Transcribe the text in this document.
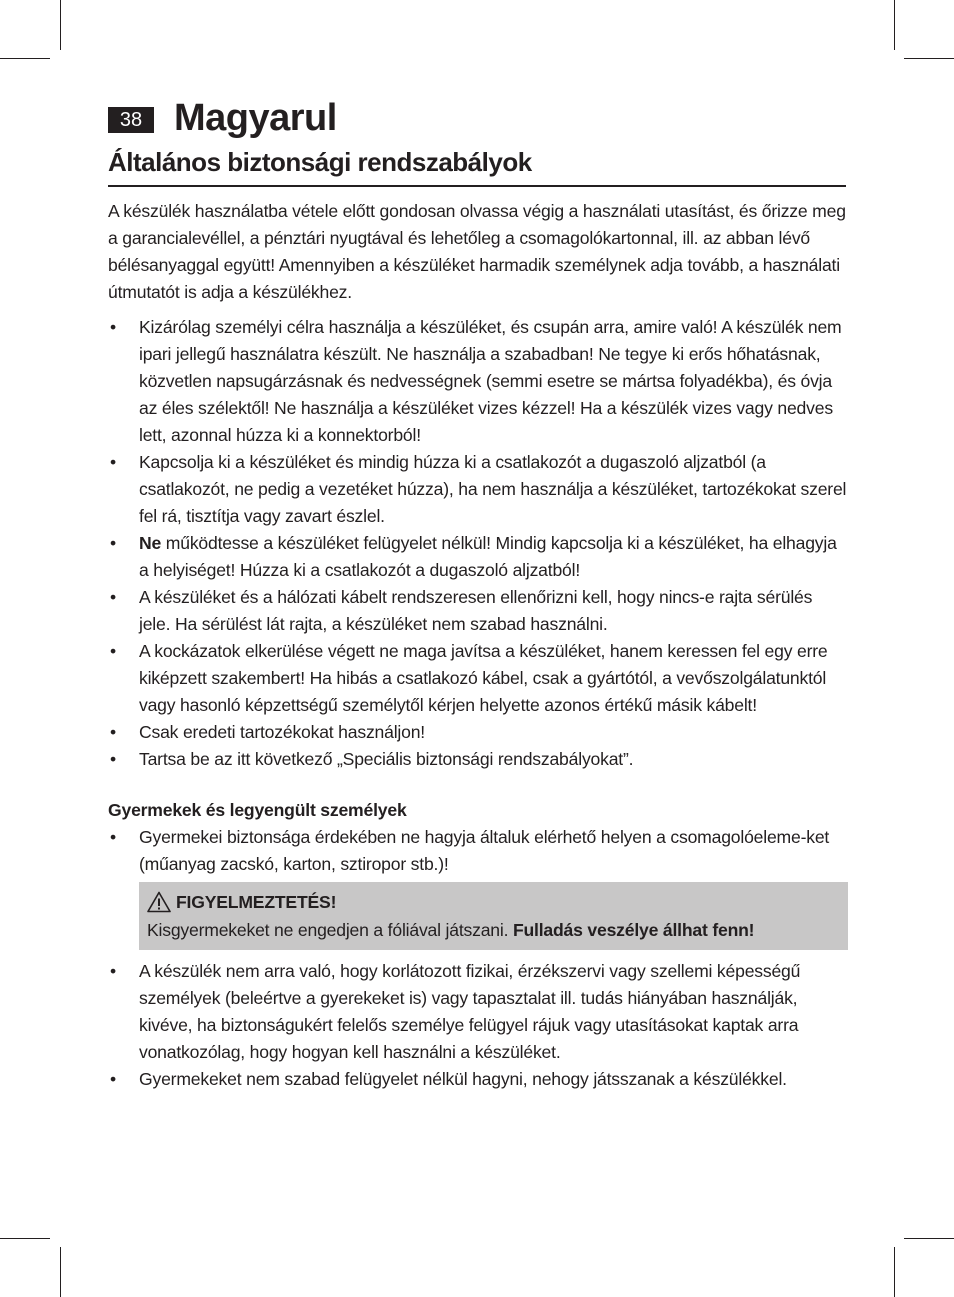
38 Magyarul
Általános biztonsági rendszabályok

A készülék használatba vétele előtt gondosan olvassa végig a használati utasítást, és őrizze meg a garancialevéllel, a pénztári nyugtával és lehetőleg a csomagolókartonnal, ill. az abban lévő bélésanyaggal együtt! Amennyiben a készüléket harmadik személynek adja tovább, a használati útmutatót is adja a készülékhez.

• Kizárólag személyi célra használja a készüléket, és csupán arra, amire való! A készülék nem ipari jellegű használatra készült. Ne használja a szabadban! Ne tegye ki erős hőhatásnak, közvetlen napsugárzásnak és nedvességnek (semmi esetre se mártsa folyadékba), és óvja az éles szélektől! Ne használja a készüléket vizes kézzel! Ha a készülék vizes vagy nedves lett, azonnal húzza ki a konnektorból!
• Kapcsolja ki a készüléket és mindig húzza ki a csatlakozót a dugaszoló aljzatból (a csatlakozót, ne pedig a vezetéket húzza), ha nem használja a készüléket, tartozékokat szerel fel rá, tisztítja vagy zavart észlel.
• Ne működtesse a készüléket felügyelet nélkül! Mindig kapcsolja ki a készüléket, ha elhagyja a helyiséget! Húzza ki a csatlakozót a dugaszoló aljzatból!
• A készüléket és a hálózati kábelt rendszeresen ellenőrizni kell, hogy nincs-e rajta sérülés jele. Ha sérülést lát rajta, a készüléket nem szabad használni.
• A kockázatok elkerülése végett ne maga javítsa a készüléket, hanem keressen fel egy erre kiképzett szakembert! Ha hibás a csatlakozó kábel, csak a gyártótól, a vevőszolgálatunktól vagy hasonló képzettségű személytől kérjen helyette azonos értékű másik kábelt!
• Csak eredeti tartozékokat használjon!
• Tartsa be az itt következő „Speciális biztonsági rendszabályokat”.
Gyermekek és legyengült személyek
• Gyermekei biztonsága érdekében ne hagyja általuk elérhető helyen a csomagolóeleme-ket (műanyag zacskó, karton, sztiropor stb.)!
FIGYELMEZTETÉS!
Kisgyermekeket ne engedjen a fóliával játszani. Fulladás veszélye állhat fenn!
• A készülék nem arra való, hogy korlátozott fizikai, érzékszervi vagy szellemi képességű személyek (beleértve a gyerekeket is) vagy tapasztalat ill. tudás hiányában használják, kivéve, ha biztonságukért felelős személye felügyel rájuk vagy utasításokat kaptak arra vonatkozólag, hogy hogyan kell használni a készüléket.
• Gyermekeket nem szabad felügyelet nélkül hagyni, nehogy játsszanak a készülékkel.
